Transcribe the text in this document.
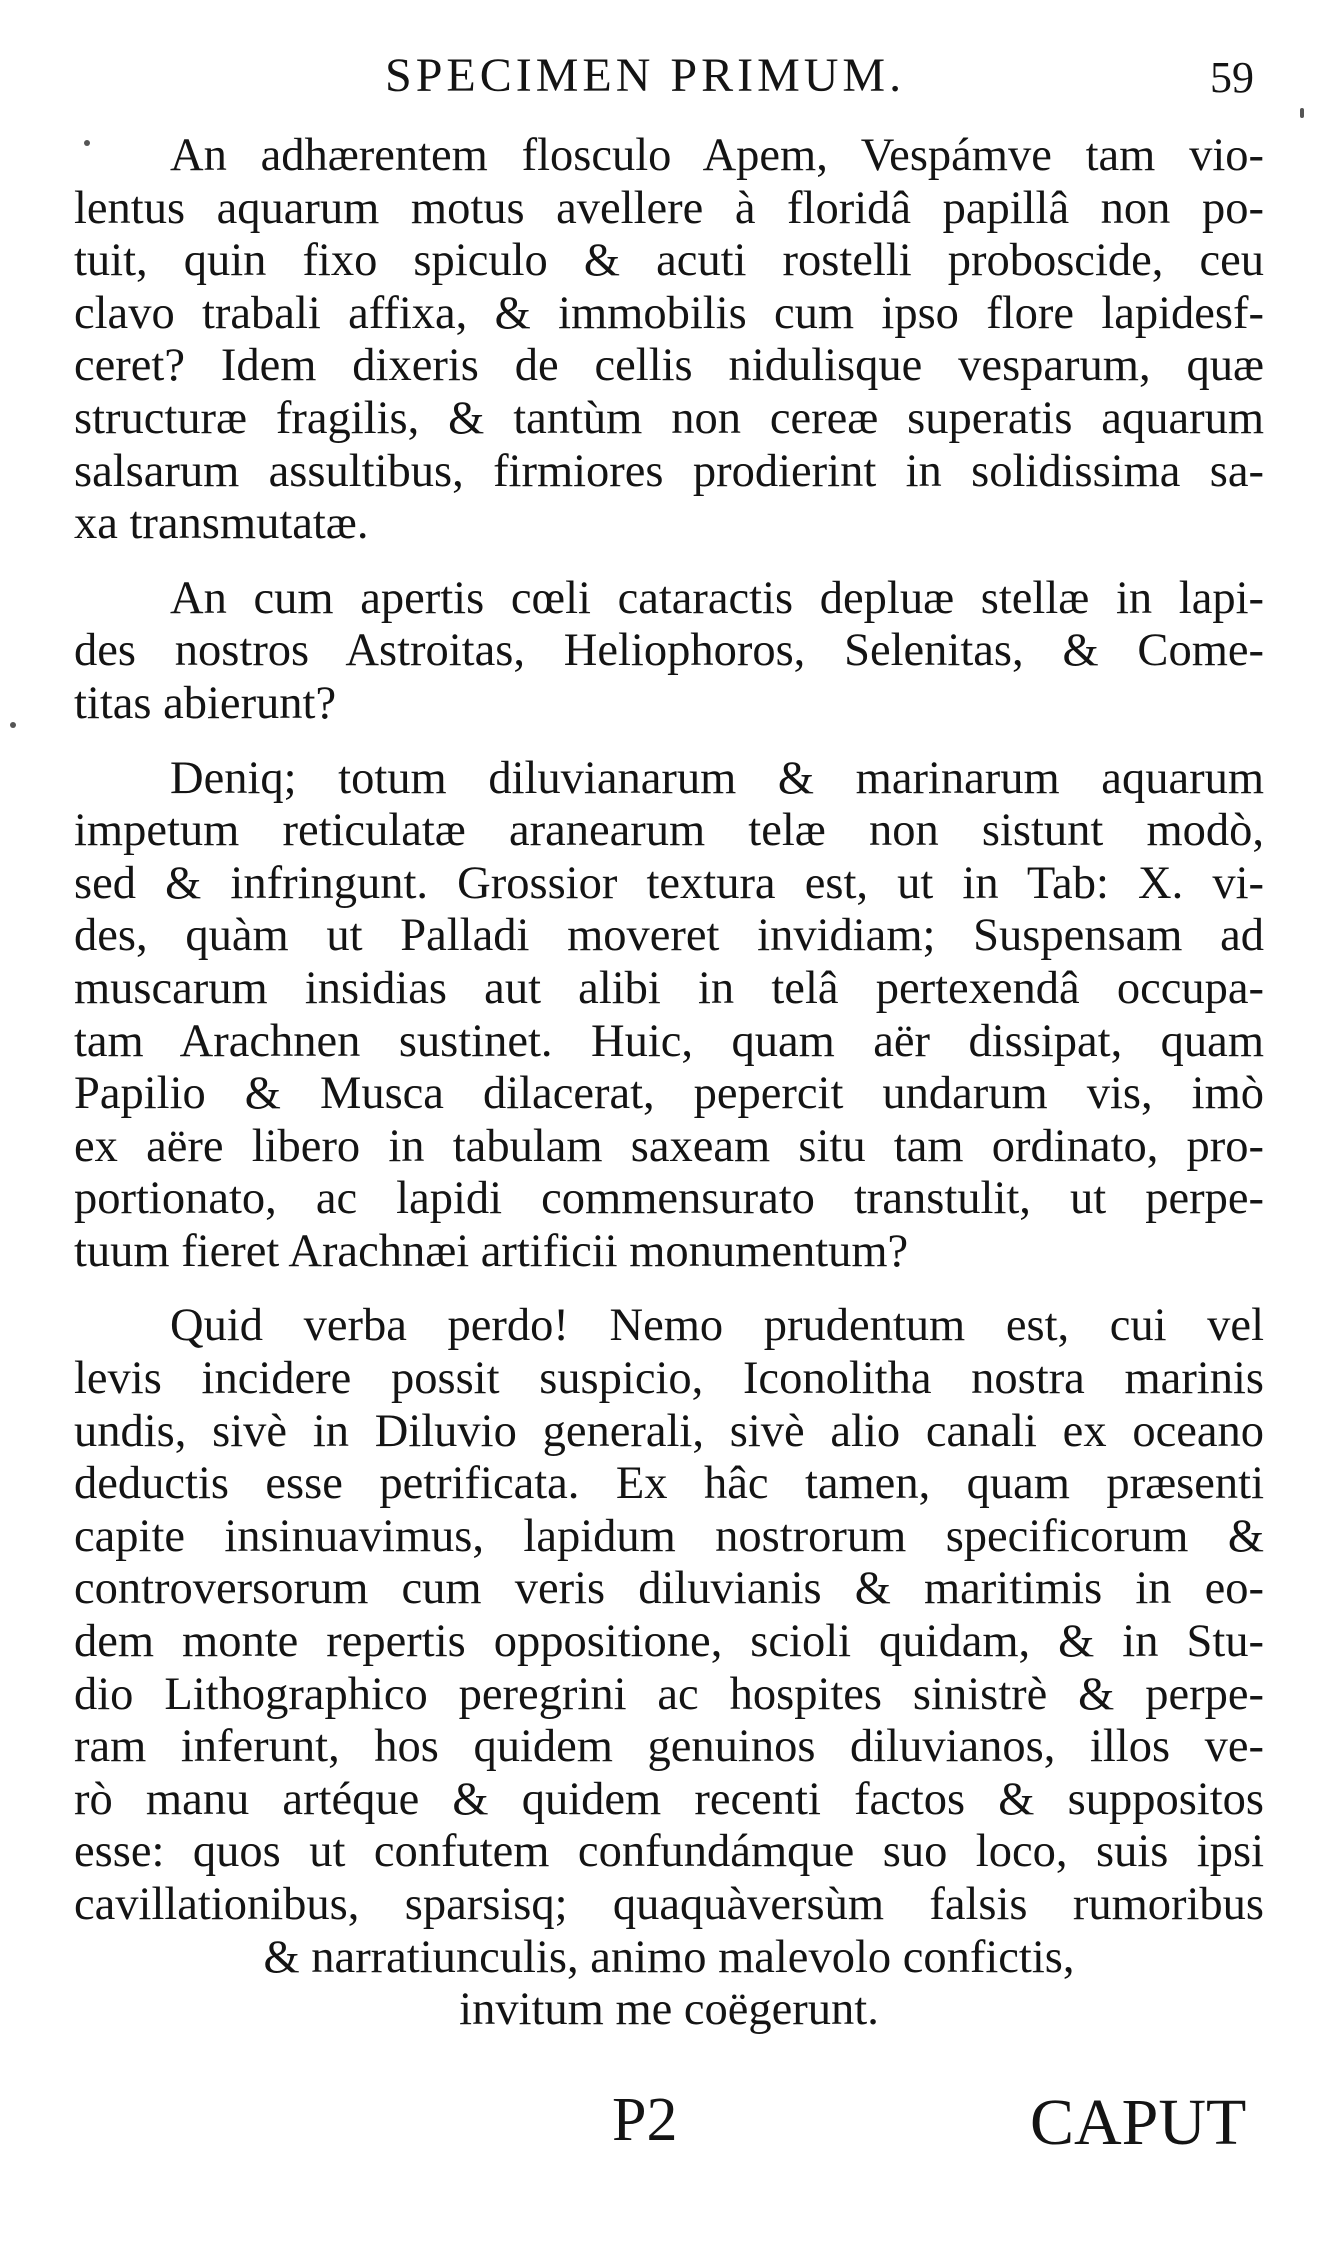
SPECIMEN PRIMUM.	59
An adhærentem flosculo Apem, Vespámve tam vio-
lentus aquarum motus avellere à floridâ papillâ non po-
tuit, quin fixo spiculo & acuti rostelli proboscide, ceu
clavo trabali affixa, & immobilis cum ipso flore lapidesf-
ceret? Idem dixeris de cellis nidulisque vesparum, quæ
structuræ fragilis, & tantùm non cereæ superatis aquarum
salsarum assultibus, firmiores prodierint in solidissima sa-
xa transmutatæ.
An cum apertis cœli cataractis depluæ stellæ in lapi-
des nostros Astroitas, Heliophoros, Selenitas, & Come-
titas abierunt?
Deniq; totum diluvianarum & marinarum aquarum
impetum reticulatæ aranearum telæ non sistunt modò,
sed & infringunt. Grossior textura est, ut in Tab: X. vi-
des, quàm ut Palladi moveret invidiam; Suspensam ad
muscarum insidias aut alibi in telâ pertexendâ occupa-
tam Arachnen sustinet. Huic, quam aër dissipat, quam
Papilio & Musca dilacerat, pepercit undarum vis, imò
ex aëre libero in tabulam saxeam situ tam ordinato, pro-
portionato, ac lapidi commensurato transtulit, ut perpe-
tuum fieret Arachnæi artificii monumentum?
Quid verba perdo! Nemo prudentum est, cui vel
levis incidere possit suspicio, Iconolitha nostra marinis
undis, sivè in Diluvio generali, sivè alio canali ex oceano
deductis esse petrificata. Ex hâc tamen, quam præsenti
capite insinuavimus, lapidum nostrorum specificorum &
controversorum cum veris diluvianis & maritimis in eo-
dem monte repertis oppositione, scioli quidam, & in Stu-
dio Lithographico peregrini ac hospites sinistrè & perpe-
ram inferunt, hos quidem genuinos diluvianos, illos ve-
rò manu artéque & quidem recenti factos & suppositos
esse: quos ut confutem confundámque suo loco, suis ipsi
cavillationibus, sparsisq; quaquàversùm falsis rumoribus
& narratiunculis, animo malevolo confictis,
invitum me coëgerunt.
P2	CAPUT
